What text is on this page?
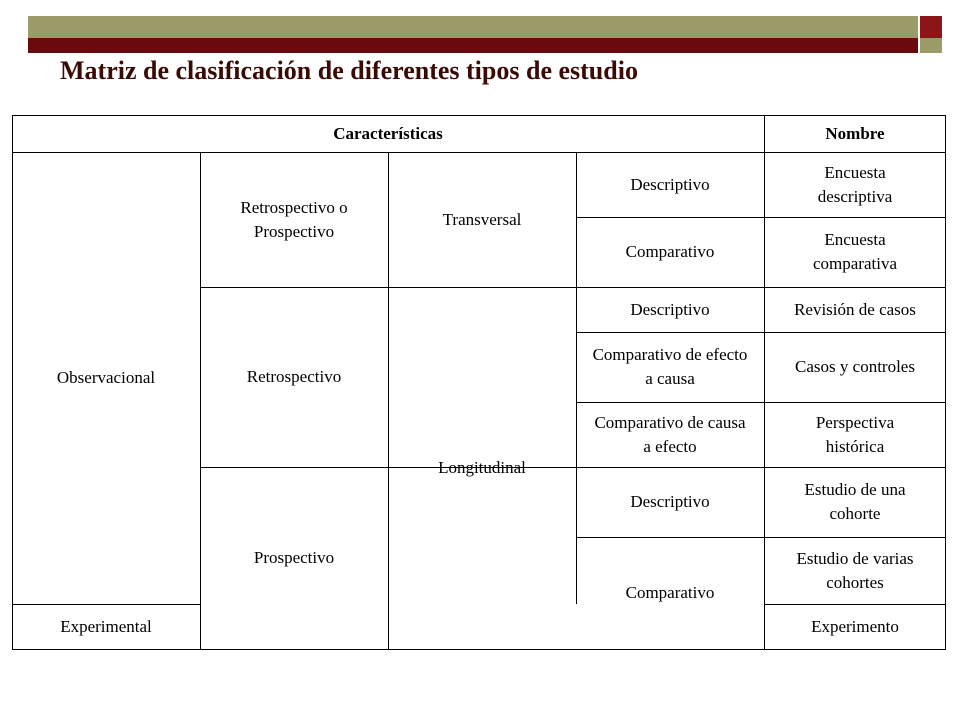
Matriz de clasificación de diferentes tipos de estudio
Características	Nombre
Observacional
Experimental
Retrospectivo o Prospectivo
Retrospectivo
Prospectivo
Transversal
Longitudinal
Descriptivo
Comparativo
Descriptivo
Comparativo de efecto a causa
Comparativo de causa a efecto
Descriptivo
Comparativo
Encuesta descriptiva
Encuesta comparativa
Revisión de casos
Casos y controles
Perspectiva histórica
Estudio de una cohorte
Estudio de varias cohortes
Experimento
